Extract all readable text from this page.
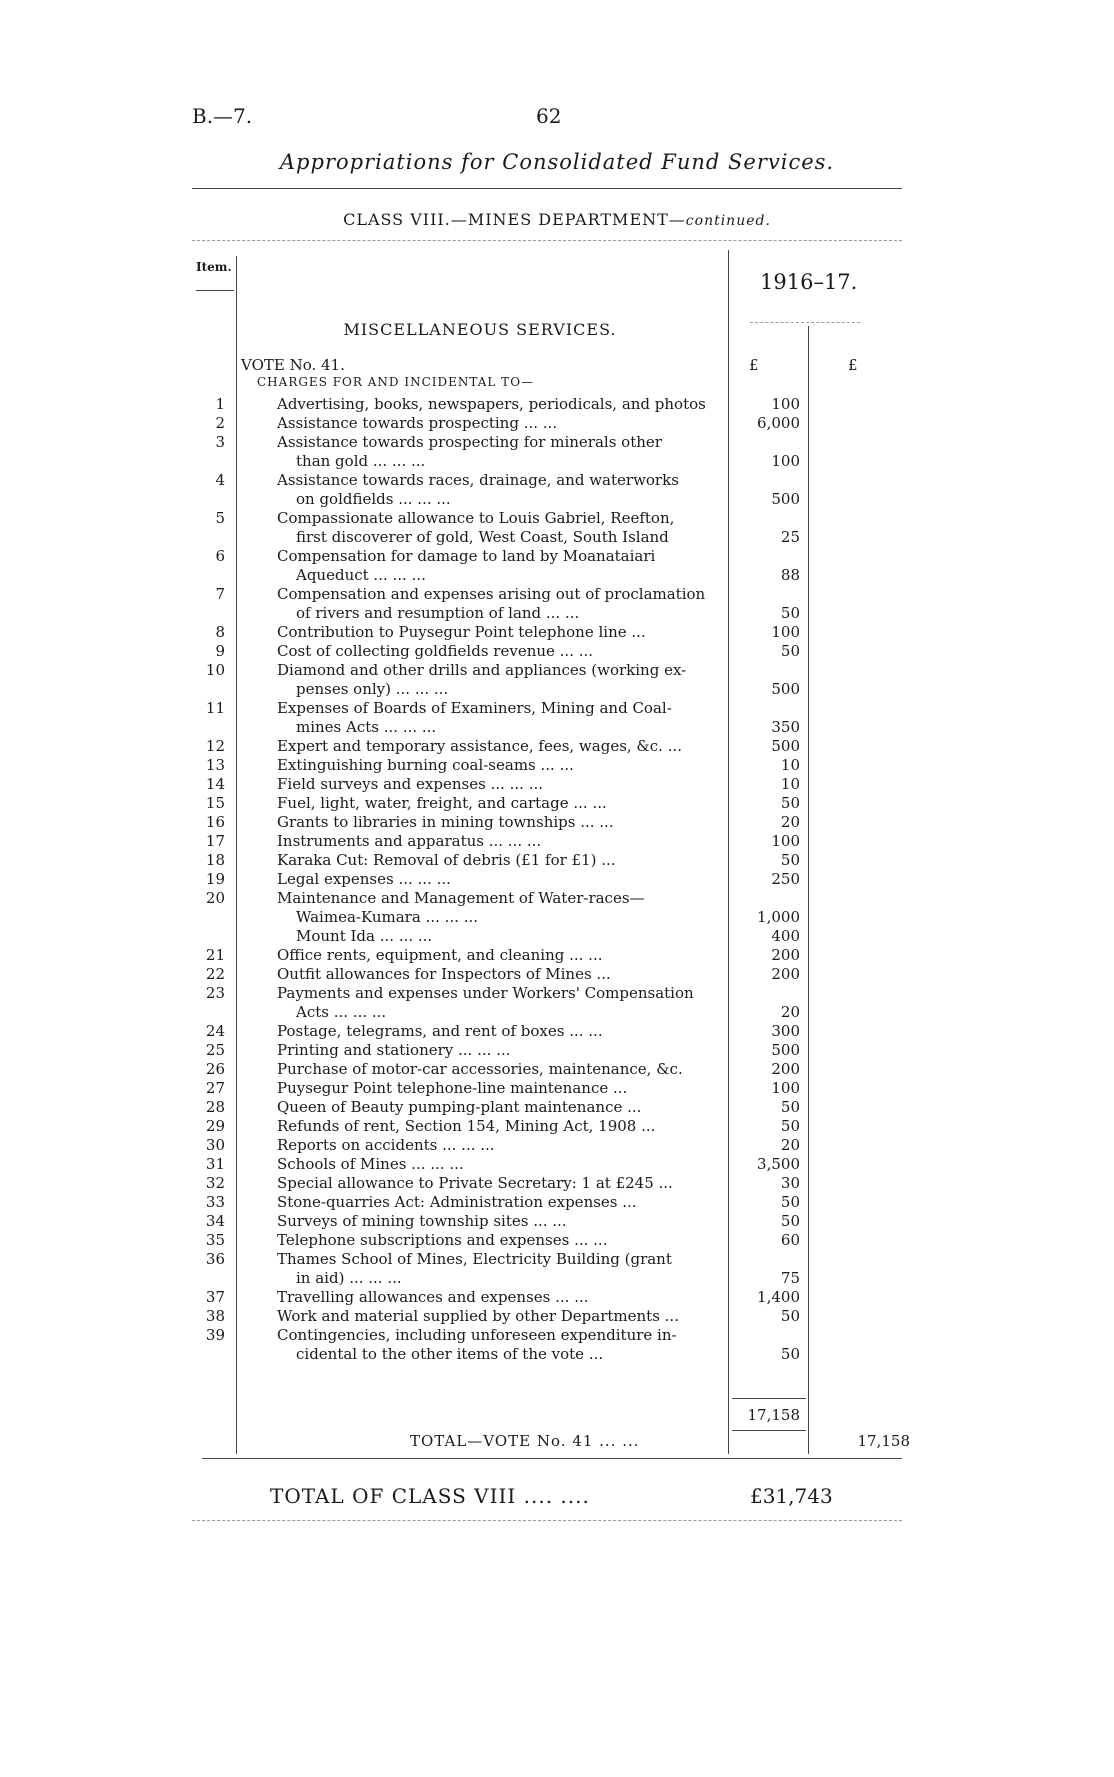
B.—7.	62
Appropriations for Consolidated Fund Services.
CLASS VIII.—MINES DEPARTMENT—continued.
Item.
1916–17.
MISCELLANEOUS SERVICES.
VOTE No. 41.	£	£
CHARGES FOR AND INCIDENTAL TO—
1	Advertising, books, newspapers, periodicals, and photos	100
2	Assistance towards prospecting ... ...	6,000
3	Assistance towards prospecting for minerals other
than gold ... ... ...	100
4	Assistance towards races, drainage, and waterworks
on goldfields ... ... ...	500
5	Compassionate allowance to Louis Gabriel, Reefton,
first discoverer of gold, West Coast, South Island	25
6	Compensation for damage to land by Moanataiari
Aqueduct ... ... ...	88
7	Compensation and expenses arising out of proclamation
of rivers and resumption of land ... ...	50
8	Contribution to Puysegur Point telephone line ...	100
9	Cost of collecting goldfields revenue ... ...	50
10	Diamond and other drills and appliances (working ex-
penses only) ... ... ...	500
11	Expenses of Boards of Examiners, Mining and Coal-
mines Acts ... ... ...	350
12	Expert and temporary assistance, fees, wages, &c. ...	500
13	Extinguishing burning coal-seams ... ...	10
14	Field surveys and expenses ... ... ...	10
15	Fuel, light, water, freight, and cartage ... ...	50
16	Grants to libraries in mining townships ... ...	20
17	Instruments and apparatus ... ... ...	100
18	Karaka Cut: Removal of debris (£1 for £1) ...	50
19	Legal expenses ... ... ...	250
20	Maintenance and Management of Water-races—
Waimea-Kumara ... ... ...	1,000
Mount Ida ... ... ...	400
21	Office rents, equipment, and cleaning ... ...	200
22	Outfit allowances for Inspectors of Mines ...	200
23	Payments and expenses under Workers' Compensation
Acts ... ... ...	20
24	Postage, telegrams, and rent of boxes ... ...	300
25	Printing and stationery ... ... ...	500
26	Purchase of motor-car accessories, maintenance, &c.	200
27	Puysegur Point telephone-line maintenance ...	100
28	Queen of Beauty pumping-plant maintenance ...	50
29	Refunds of rent, Section 154, Mining Act, 1908 ...	50
30	Reports on accidents ... ... ...	20
31	Schools of Mines ... ... ...	3,500
32	Special allowance to Private Secretary: 1 at £245 ...	30
33	Stone-quarries Act: Administration expenses ...	50
34	Surveys of mining township sites ... ...	50
35	Telephone subscriptions and expenses ... ...	60
36	Thames School of Mines, Electricity Building (grant
in aid) ... ... ...	75
37	Travelling allowances and expenses ... ...	1,400
38	Work and material supplied by other Departments ...	50
39	Contingencies, including unforeseen expenditure in-
cidental to the other items of the vote ...	50
17,158
TOTAL—VOTE No. 41 ... ...	17,158
TOTAL OF CLASS VIII .... ....	£31,743
